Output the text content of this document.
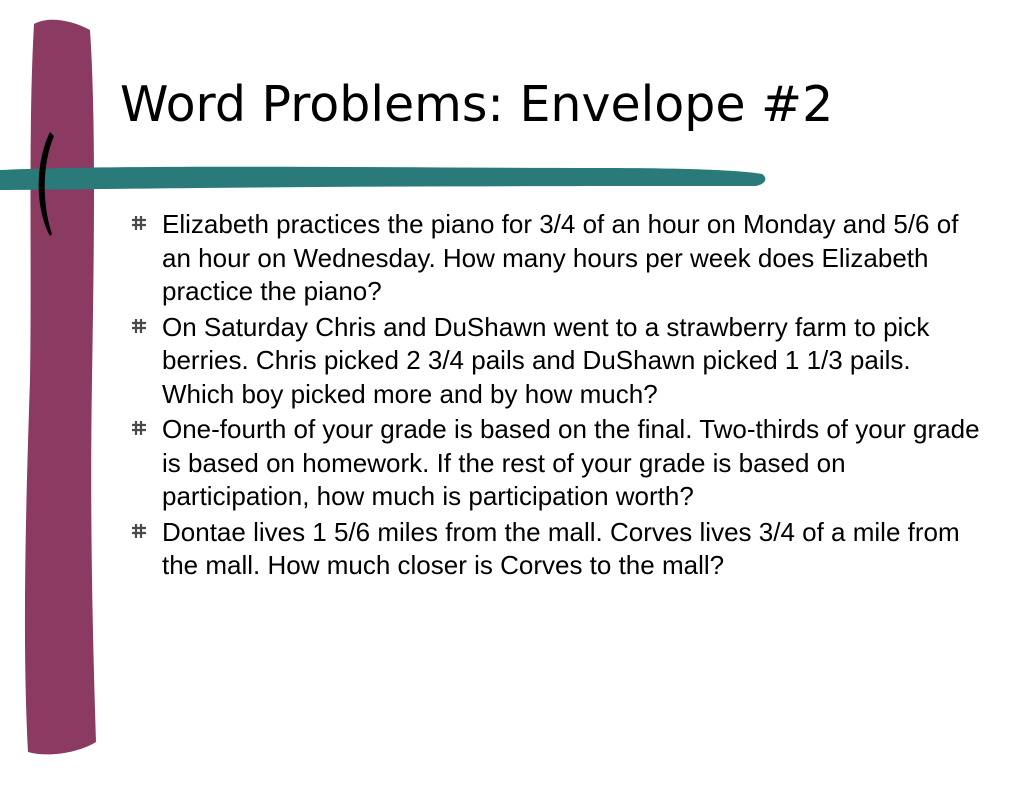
Word Problems: Envelope #2
Elizabeth practices the piano for 3/4 of an hour on Monday and 5/6 of an hour on Wednesday. How many hours per week does Elizabeth practice the piano?
On Saturday Chris and DuShawn went to a strawberry farm to pick berries. Chris picked 2 3/4 pails and DuShawn picked 1 1/3 pails. Which boy picked more and by how much?
One-fourth of your grade is based on the final. Two-thirds of your grade is based on homework. If the rest of your grade is based on participation, how much is participation worth?
Dontae lives 1 5/6 miles from the mall. Corves lives 3/4 of a mile from the mall. How much closer is Corves to the mall?
